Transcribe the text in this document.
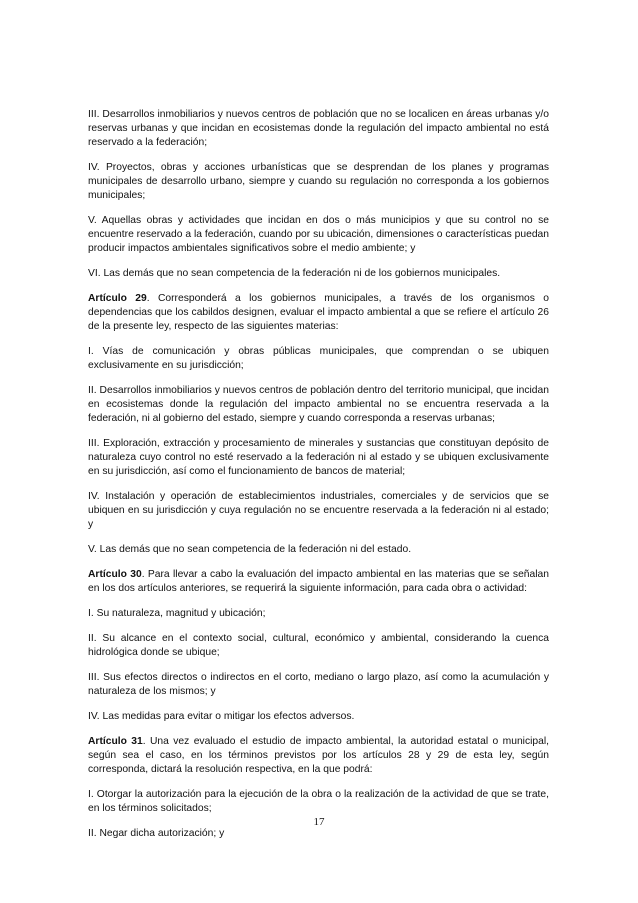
III. Desarrollos inmobiliarios y nuevos centros de población que no se localicen en áreas urbanas y/o reservas urbanas y que incidan en ecosistemas donde la regulación del impacto ambiental no está reservado a la federación;

IV. Proyectos, obras y acciones urbanísticas que se desprendan de los planes y programas municipales de desarrollo urbano, siempre y cuando su regulación no corresponda a los gobiernos municipales;

V. Aquellas obras y actividades que incidan en dos o más municipios y que su control no se encuentre reservado a la federación, cuando por su ubicación, dimensiones o características puedan producir impactos ambientales significativos sobre el medio ambiente; y

VI. Las demás que no sean competencia de la federación ni de los gobiernos municipales.

Artículo 29. Corresponderá a los gobiernos municipales, a través de los organismos o dependencias que los cabildos designen, evaluar el impacto ambiental a que se refiere el artículo 26 de la presente ley, respecto de las siguientes materias:

I. Vías de comunicación y obras públicas municipales, que comprendan o se ubiquen exclusivamente en su jurisdicción;

II. Desarrollos inmobiliarios y nuevos centros de población dentro del territorio municipal, que incidan en ecosistemas donde la regulación del impacto ambiental no se encuentra reservada a la federación, ni al gobierno del estado, siempre y cuando corresponda a reservas urbanas;

III. Exploración, extracción y procesamiento de minerales y sustancias que constituyan depósito de naturaleza cuyo control no esté reservado a la federación ni al estado y se ubiquen exclusivamente en su jurisdicción, así como el funcionamiento de bancos de material;

IV. Instalación y operación de establecimientos industriales, comerciales y de servicios que se ubiquen en su jurisdicción y cuya regulación no se encuentre reservada a la federación ni al estado; y

V. Las demás que no sean competencia de la federación ni del estado.

Artículo 30. Para llevar a cabo la evaluación del impacto ambiental en las materias que se señalan en los dos artículos anteriores, se requerirá la siguiente información, para cada obra o actividad:

I. Su naturaleza, magnitud y ubicación;

II. Su alcance en el contexto social, cultural, económico y ambiental, considerando la cuenca hidrológica donde se ubique;

III. Sus efectos directos o indirectos en el corto, mediano o largo plazo, así como la acumulación y naturaleza de los mismos; y

IV. Las medidas para evitar o mitigar los efectos adversos.

Artículo 31. Una vez evaluado el estudio de impacto ambiental, la autoridad estatal o municipal, según sea el caso, en los términos previstos por los artículos 28 y 29 de esta ley, según corresponda, dictará la resolución respectiva, en la que podrá:

I. Otorgar la autorización para la ejecución de la obra o la realización de la actividad de que se trate, en los términos solicitados;

II. Negar dicha autorización; y

17
